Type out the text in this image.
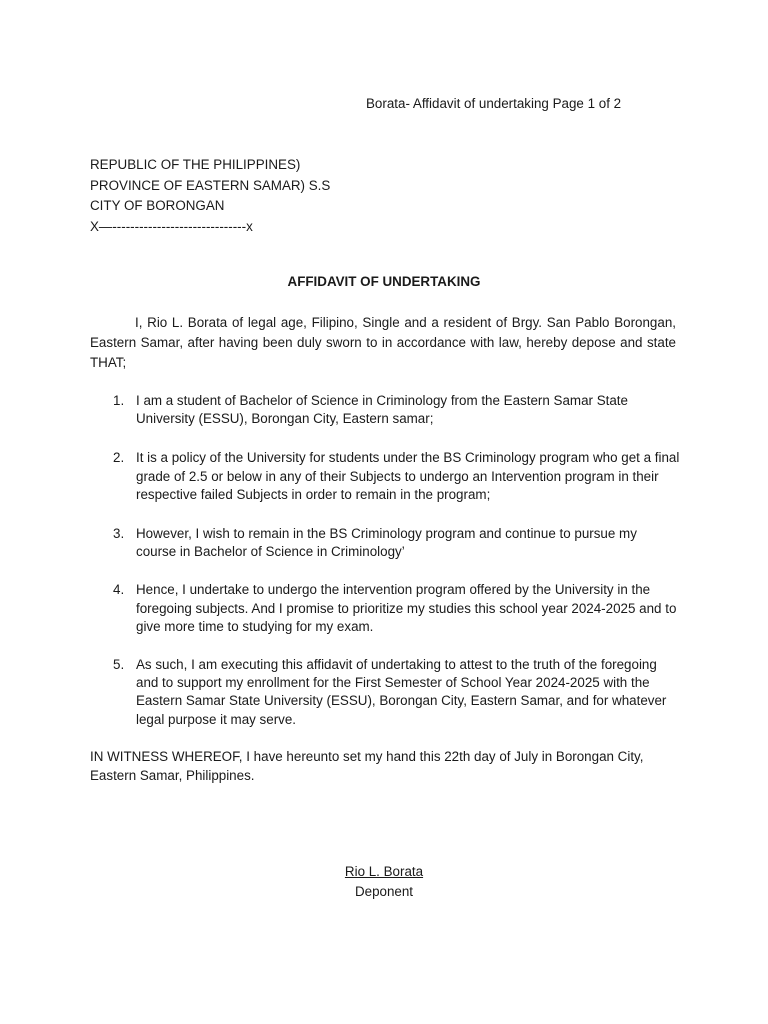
Borata- Affidavit of undertaking Page 1 of 2
REPUBLIC OF THE PHILIPPINES)
PROVINCE OF EASTERN SAMAR) S.S
CITY OF BORONGAN
X—------------------------------x
AFFIDAVIT OF UNDERTAKING
I, Rio L. Borata of legal age, Filipino, Single and a resident of Brgy. San Pablo Borongan, Eastern Samar, after having been duly sworn to in accordance with law, hereby depose and state THAT;
1. I am a student of Bachelor of Science in Criminology from the Eastern Samar State University (ESSU), Borongan City, Eastern samar;
2. It is a policy of the University for students under the BS Criminology program who get a final grade of 2.5 or below in any of their Subjects to undergo an Intervention program in their respective failed Subjects in order to remain in the program;
3. However, I wish to remain in the BS Criminology program and continue to pursue my course in Bachelor of Science in Criminology’
4. Hence, I undertake to undergo the intervention program offered by the University in the foregoing subjects. And I promise to prioritize my studies this school year 2024-2025 and to give more time to studying for my exam.
5. As such, I am executing this affidavit of undertaking to attest to the truth of the foregoing and to support my enrollment for the First Semester of School Year 2024-2025 with the Eastern Samar State University (ESSU), Borongan City, Eastern Samar, and for whatever legal purpose it may serve.
IN WITNESS WHEREOF, I have hereunto set my hand this 22th day of July in Borongan City, Eastern Samar, Philippines.
Rio L. Borata
Deponent
